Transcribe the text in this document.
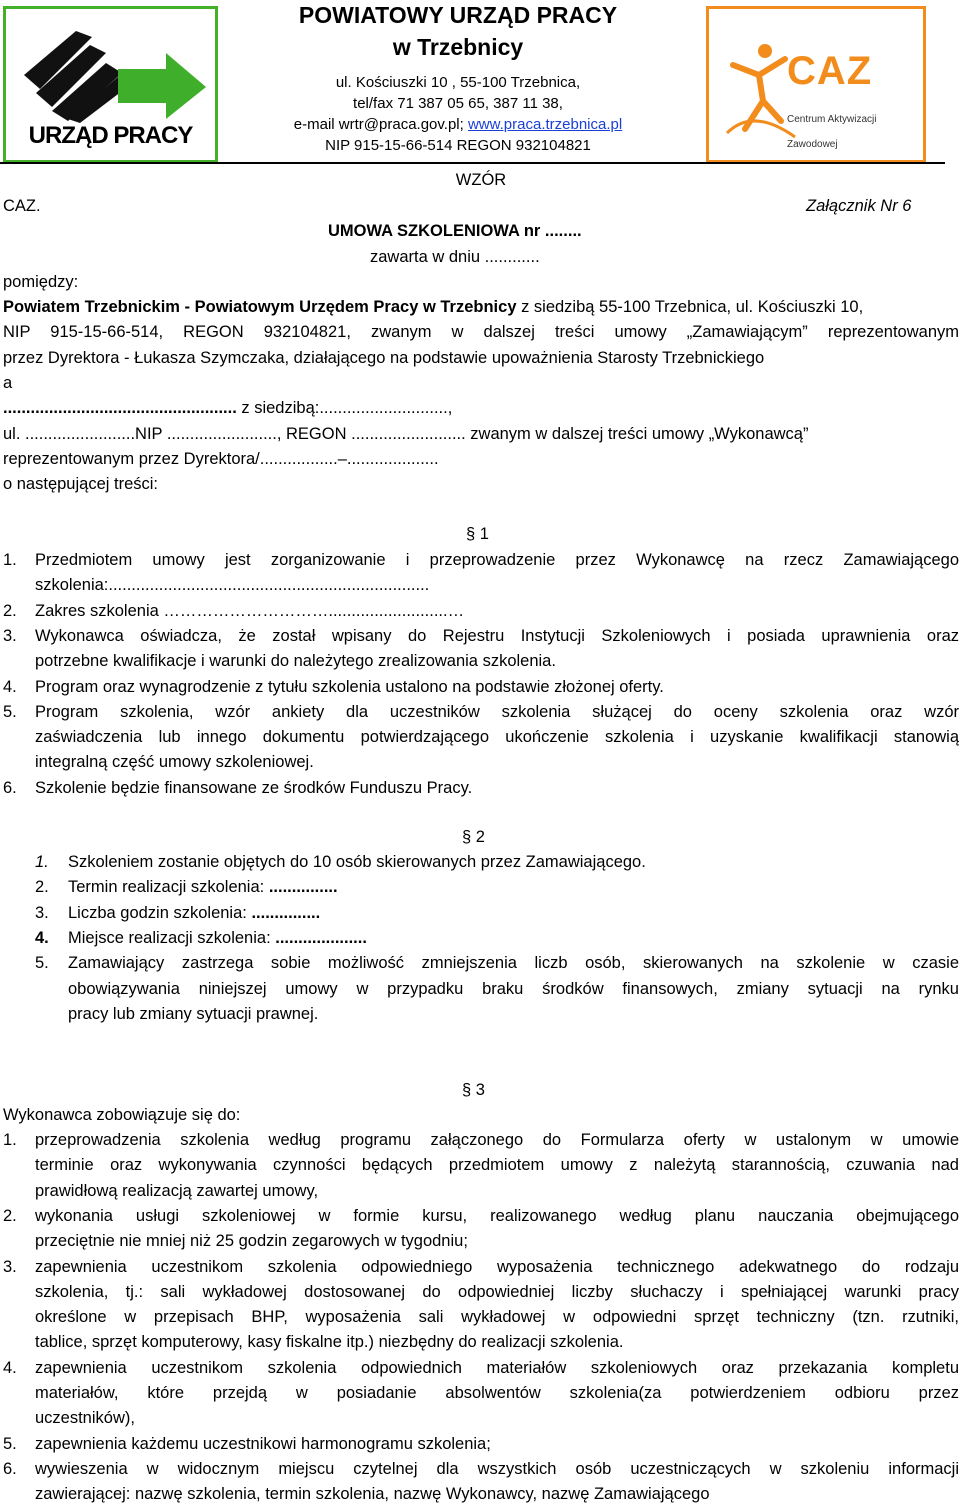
URZĄD PRACY
POWIATOWY URZĄD PRACY
w Trzebnicy
ul. Kościuszki 10 , 55-100 Trzebnica,
tel/fax 71 387 05 65, 387 11 38,
e-mail wrtr@praca.gov.pl; www.praca.trzebnica.pl
NIP 915-15-66-514 REGON 932104821
CAZ
Centrum Aktywizacji Zawodowej
WZÓR
CAZ.	Załącznik Nr 6
UMOWA SZKOLENIOWA nr ........
zawarta w dniu ............
pomiędzy:
Powiatem Trzebnickim - Powiatowym Urzędem Pracy w Trzebnicy z siedzibą 55-100 Trzebnica, ul. Kościuszki 10,
NIP 915-15-66-514, REGON 932104821, zwanym w dalszej treści umowy „Zamawiającym” reprezentowanym
przez Dyrektora - Łukasza Szymczaka, działającego na podstawie upoważnienia Starosty Trzebnickiego
a
................................................... z siedzibą:............................,
ul. ........................NIP ........................, REGON ......................... zwanym w dalszej treści umowy „Wykonawcą”
reprezentowanym przez Dyrektora/.................–....................
o następującej treści:
§ 1
1. Przedmiotem umowy jest zorganizowanie i przeprowadzenie przez Wykonawcę na rzecz Zamawiającego
szkolenia:......................................................................
2. Zakres szkolenia …………………………..........................…
3. Wykonawca oświadcza, że został wpisany do Rejestru Instytucji Szkoleniowych i posiada uprawnienia oraz
potrzebne kwalifikacje i warunki do należytego zrealizowania szkolenia.
4. Program oraz wynagrodzenie z tytułu szkolenia ustalono na podstawie złożonej oferty.
5. Program szkolenia, wzór ankiety dla uczestników szkolenia służącej do oceny szkolenia oraz wzór
zaświadczenia lub innego dokumentu potwierdzającego ukończenie szkolenia i uzyskanie kwalifikacji stanowią
integralną część umowy szkoleniowej.
6. Szkolenie będzie finansowane ze środków Funduszu Pracy.
§ 2
1. Szkoleniem zostanie objętych do 10 osób skierowanych przez Zamawiającego.
2. Termin realizacji szkolenia: ...............
3. Liczba godzin szkolenia: ...............
4. Miejsce realizacji szkolenia: ....................
5. Zamawiający zastrzega sobie możliwość zmniejszenia liczb osób, skierowanych na szkolenie w czasie
obowiązywania niniejszej umowy w przypadku braku środków finansowych, zmiany sytuacji na rynku
pracy lub zmiany sytuacji prawnej.
§ 3
Wykonawca zobowiązuje się do:
1. przeprowadzenia szkolenia według programu załączonego do Formularza oferty w ustalonym w umowie
terminie oraz wykonywania czynności będących przedmiotem umowy z należytą starannością, czuwania nad
prawidłową realizacją zawartej umowy,
2. wykonania usługi szkoleniowej w formie kursu, realizowanego według planu nauczania obejmującego
przeciętnie nie mniej niż 25 godzin zegarowych w tygodniu;
3. zapewnienia uczestnikom szkolenia odpowiedniego wyposażenia technicznego adekwatnego do rodzaju
szkolenia, tj.: sali wykładowej dostosowanej do odpowiedniej liczby słuchaczy i spełniającej warunki pracy
określone w przepisach BHP, wyposażenia sali wykładowej w odpowiedni sprzęt techniczny (tzn. rzutniki,
tablice, sprzęt komputerowy, kasy fiskalne itp.) niezbędny do realizacji szkolenia.
4. zapewnienia uczestnikom szkolenia odpowiednich materiałów szkoleniowych oraz przekazania kompletu
materiałów, które przejdą w posiadanie absolwentów szkolenia(za potwierdzeniem odbioru przez
uczestników),
5. zapewnienia każdemu uczestnikowi harmonogramu szkolenia;
6. wywieszenia w widocznym miejscu czytelnej dla wszystkich osób uczestniczących w szkoleniu informacji
zawierającej: nazwę szkolenia, termin szkolenia, nazwę Wykonawcy, nazwę Zamawiającego
